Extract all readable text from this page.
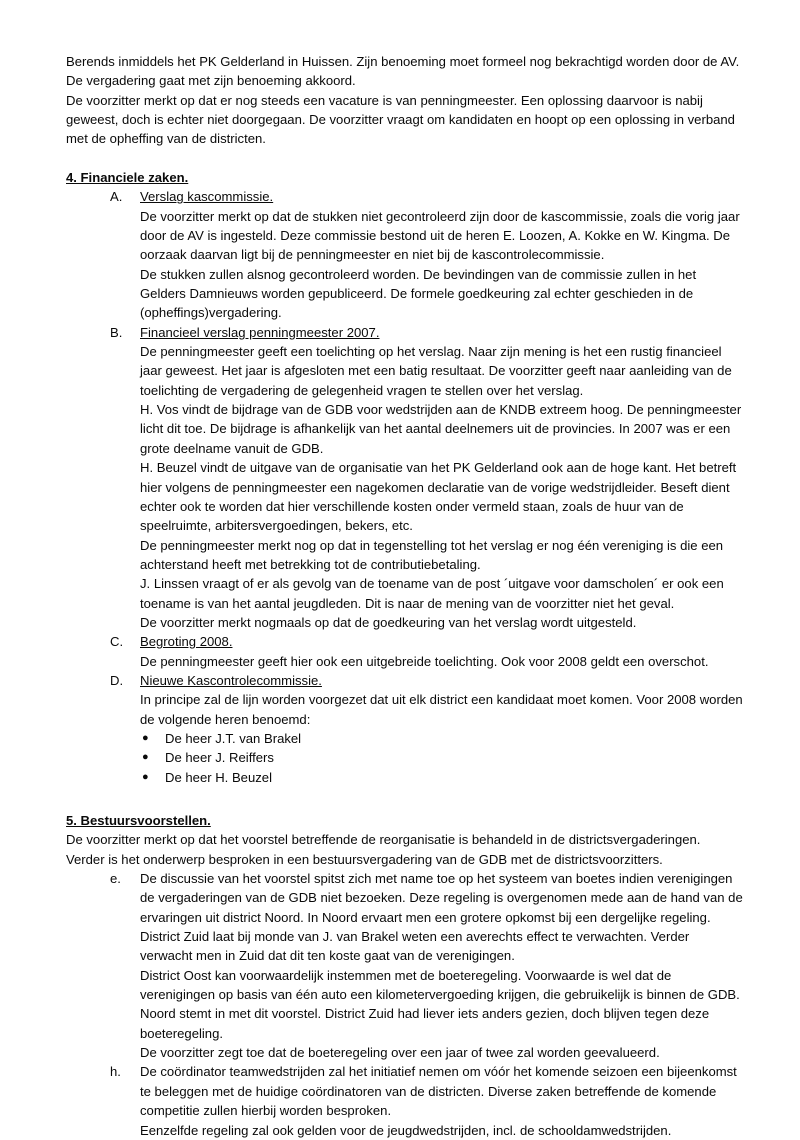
Berends inmiddels het PK Gelderland in Huissen. Zijn benoeming moet formeel nog bekrachtigd worden door de AV. De vergadering gaat met zijn benoeming akkoord.

De voorzitter merkt op dat er nog steeds een vacature is van penningmeester. Een oplossing daarvoor is nabij geweest, doch is echter niet doorgegaan. De voorzitter vraagt om kandidaten en hoopt op een oplossing in verband met de opheffing van de districten.

4. Financiele zaken.

A.	Verslag kascommissie.

De voorzitter merkt op dat de stukken niet gecontroleerd zijn door de kascommissie, zoals die vorig jaar door de AV is ingesteld. Deze commissie bestond uit de heren E. Loozen, A. Kokke en W. Kingma. De oorzaak daarvan ligt bij de penningmeester en niet bij de kascontrolecommissie.

De stukken zullen alsnog gecontroleerd worden. De bevindingen van de commissie zullen in het Gelders Damnieuws worden gepubliceerd. De formele goedkeuring zal echter geschieden in de (opheffings)vergadering.

B.	Financieel verslag penningmeester 2007.

De penningmeester geeft een toelichting op het verslag. Naar zijn mening is het een rustig financieel jaar geweest. Het jaar is afgesloten met een batig resultaat. De voorzitter geeft naar aanleiding van de toelichting de vergadering de gelegenheid vragen te stellen over het verslag.

H. Vos vindt de bijdrage van de GDB voor wedstrijden aan de KNDB extreem hoog. De penningmeester licht dit toe. De bijdrage is afhankelijk van het aantal deelnemers uit de provincies. In 2007 was er een grote deelname vanuit de GDB.

H. Beuzel vindt de uitgave van de organisatie van het PK Gelderland ook aan de hoge kant. Het betreft hier volgens de penningmeester een nagekomen declaratie van de vorige wedstrijdleider. Beseft dient echter ook te worden dat hier verschillende kosten onder vermeld staan, zoals de huur van de speelruimte, arbitersvergoedingen, bekers, etc.

De penningmeester merkt nog op dat in tegenstelling tot het verslag er nog één vereniging is die een achterstand heeft met betrekking tot de contributiebetaling.

J. Linssen vraagt of er als gevolg van de toename van de post ´uitgave voor damscholen´ er ook een toename is van het aantal jeugdleden. Dit is naar de mening van de voorzitter niet het geval.

De voorzitter merkt nogmaals op dat de goedkeuring van het verslag wordt uitgesteld.

C.	Begroting 2008.

De penningmeester geeft hier ook een uitgebreide toelichting. Ook voor 2008 geldt een overschot.

D.	Nieuwe Kascontrolecommissie.

In principe zal de lijn worden voorgezet dat uit elk district een kandidaat moet komen. Voor 2008 worden de volgende heren benoemd:

● De heer J.T. van Brakel
● De heer J. Reiffers
● De heer H. Beuzel

5. Bestuursvoorstellen.

De voorzitter merkt op dat het voorstel betreffende de reorganisatie is behandeld in de districtsvergaderingen.

Verder is het onderwerp besproken in een bestuursvergadering van de GDB met de districtsvoorzitters.

e.	De discussie van het voorstel spitst zich met name toe op het systeem van boetes indien verenigingen de vergaderingen van de GDB niet bezoeken. Deze regeling is overgenomen mede aan de hand van de ervaringen uit district Noord. In Noord ervaart men een grotere opkomst bij een dergelijke regeling. District Zuid laat bij monde van J. van Brakel weten een averechts effect te verwachten. Verder verwacht men in Zuid dat dit ten koste gaat van de verenigingen.

District Oost kan voorwaardelijk instemmen met de boeteregeling. Voorwaarde is wel dat de verenigingen op basis van één auto een kilometervergoeding krijgen, die gebruikelijk is binnen de GDB. Noord stemt in met dit voorstel. District Zuid had liever iets anders gezien, doch blijven tegen deze boeteregeling.

De voorzitter zegt toe dat de boeteregeling over een jaar of twee zal worden geevalueerd.

h.	De coördinator teamwedstrijden zal het initiatief nemen om vóór het komende seizoen een bijeenkomst te beleggen met de huidige coördinatoren van de districten. Diverse zaken betreffende de komende competitie zullen hierbij worden besproken.

Eenzelfde regeling zal ook gelden voor de jeugdwedstrijden, incl. de schooldamwedstrijden.
